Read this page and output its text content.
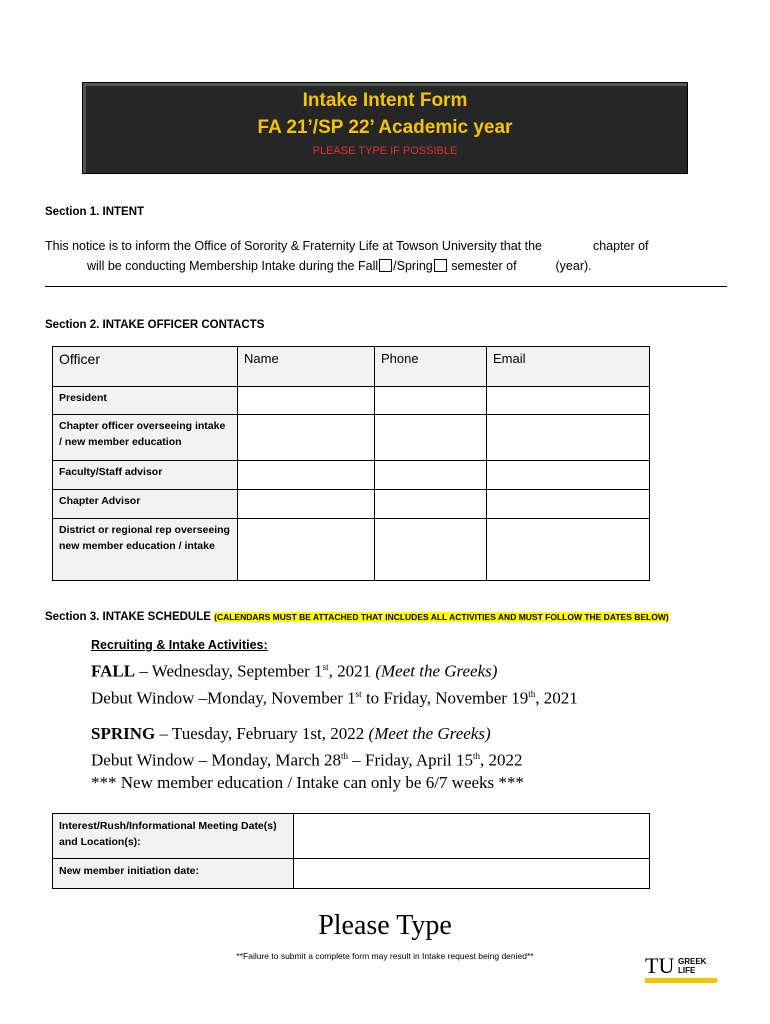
Intake Intent Form
FA 21’/SP 22’ Academic year
PLEASE TYPE IF POSSIBLE
Section 1. INTENT
This notice is to inform the Office of Sorority & Fraternity Life at Towson University that the	chapter of
will be conducting Membership Intake during the Fall /Spring semester of	(year).
Section 2. INTAKE OFFICER CONTACTS
Officer	Name	Phone	Email
President			
Chapter officer overseeing intake / new member education			
Faculty/Staff advisor			
Chapter Advisor			
District or regional rep overseeing new member education / intake			
Section 3. INTAKE SCHEDULE (CALENDARS MUST BE ATTACHED THAT INCLUDES ALL ACTIVITIES AND MUST FOLLOW THE DATES BELOW)
Recruiting & Intake Activities:
FALL – Wednesday, September 1st, 2021 (Meet the Greeks)
Debut Window –Monday, November 1st to Friday, November 19th, 2021
SPRING – Tuesday, February 1st, 2022 (Meet the Greeks)
Debut Window – Monday, March 28th – Friday, April 15th, 2022
*** New member education / Intake can only be 6/7 weeks ***
Interest/Rush/Informational Meeting Date(s) and Location(s):	
New member initiation date:	
Please Type
**Failure to submit a complete form may result in Intake request being denied**	TU GREEK
LIFE
